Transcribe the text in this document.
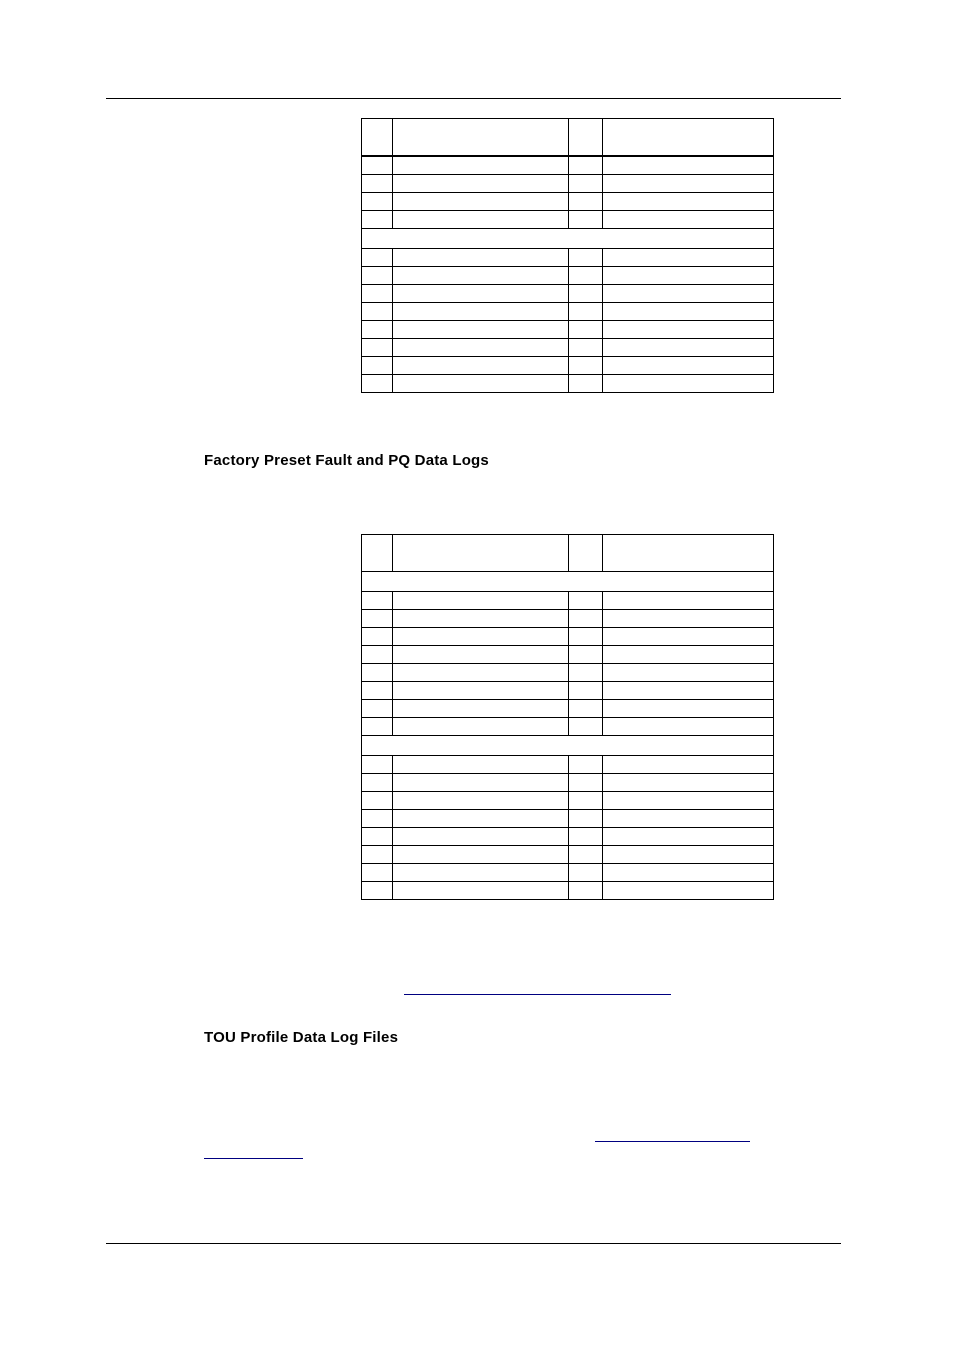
Factory Preset Fault and PQ Data Logs

TOU Profile Data Log Files
